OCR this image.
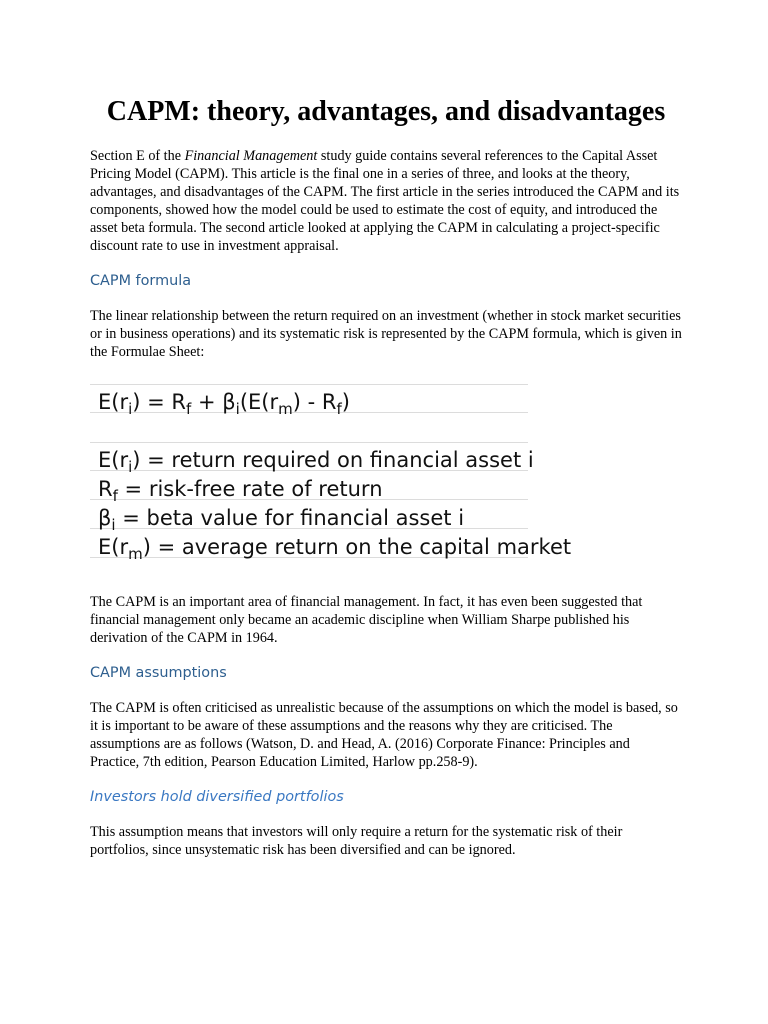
CAPM: theory, advantages, and disadvantages

Section E of the Financial Management study guide contains several references to the Capital Asset Pricing Model (CAPM). This article is the final one in a series of three, and looks at the theory, advantages, and disadvantages of the CAPM. The first article in the series introduced the CAPM and its components, showed how the model could be used to estimate the cost of equity, and introduced the asset beta formula. The second article looked at applying the CAPM in calculating a project-specific discount rate to use in investment appraisal.

CAPM formula

The linear relationship between the return required on an investment (whether in stock market securities or in business operations) and its systematic risk is represented by the CAPM formula, which is given in the Formulae Sheet:

$E(r_i) = R_f + \beta_i(E(r_m) - R_f)$
$E(r_i)$ = return required on financial asset i
$R_f$ = risk-free rate of return
$\beta_i$ = beta value for financial asset i
$E(r_m)$ = average return on the capital market

The CAPM is an important area of financial management. In fact, it has even been suggested that financial management only became an academic discipline when William Sharpe published his derivation of the CAPM in 1964.

CAPM assumptions

The CAPM is often criticised as unrealistic because of the assumptions on which the model is based, so it is important to be aware of these assumptions and the reasons why they are criticised. The assumptions are as follows (Watson, D. and Head, A. (2016) Corporate Finance: Principles and Practice, 7th edition, Pearson Education Limited, Harlow pp.258-9).

Investors hold diversified portfolios

This assumption means that investors will only require a return for the systematic risk of their portfolios, since unsystematic risk has been diversified and can be ignored.
